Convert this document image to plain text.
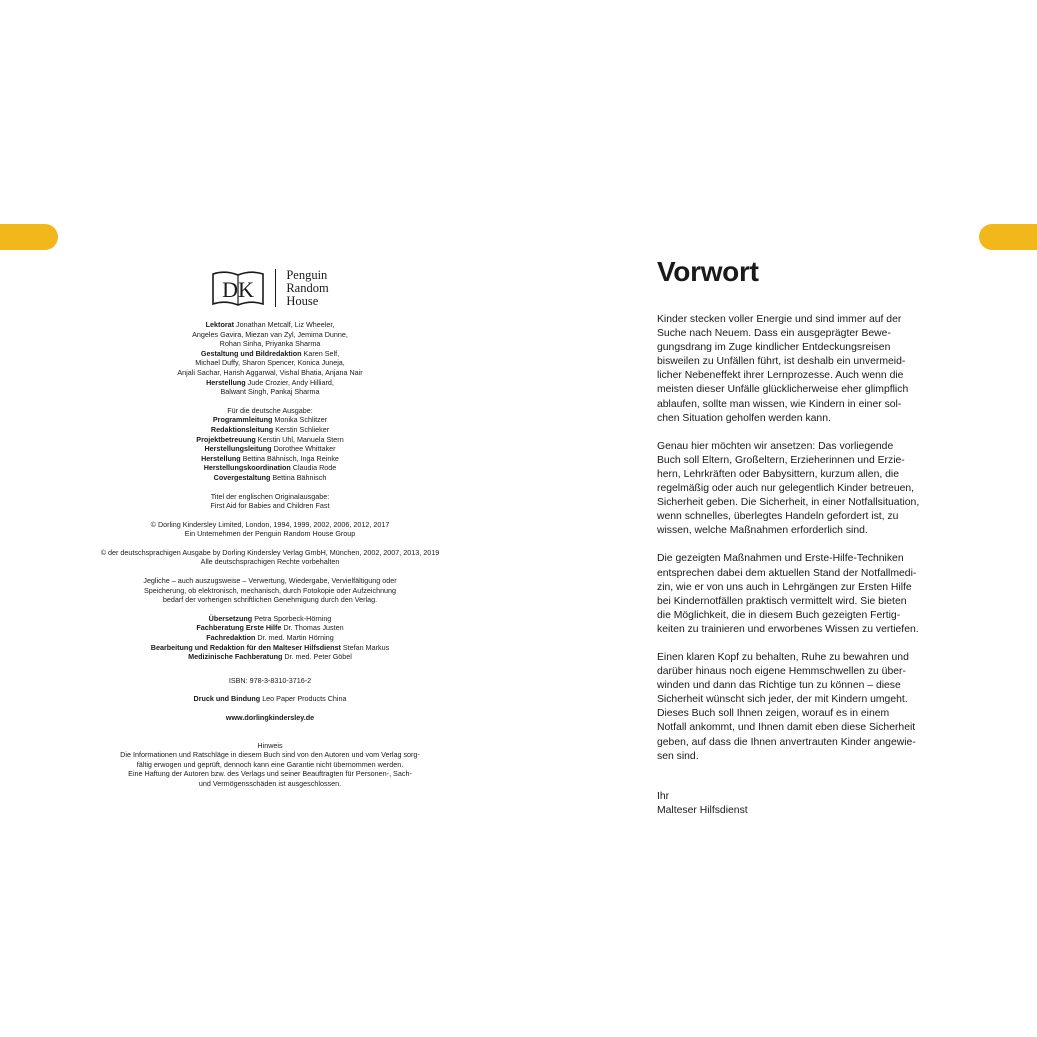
DK
Penguin
Random
House
Lektorat Jonathan Metcalf, Liz Wheeler,
Angeles Gavira, Miezan van Zyl, Jemima Dunne,
Rohan Sinha, Priyanka Sharma
Gestaltung und Bildredaktion Karen Self,
Michael Duffy, Sharon Spencer, Konica Juneja,
Anjali Sachar, Harish Aggarwal, Vishal Bhatia, Anjana Nair
Herstellung Jude Crozier, Andy Hilliard,
Balwant Singh, Pankaj Sharma
Für die deutsche Ausgabe:
Programmleitung Monika Schlitzer
Redaktionsleitung Kerstin Schlieker
Projektbetreuung Kerstin Uhl, Manuela Stern
Herstellungsleitung Dorothee Whittaker
Herstellung Bettina Bähnisch, Inga Reinke
Herstellungskoordination Claudia Rode
Covergestaltung Bettina Bähnisch
Titel der englischen Originalausgabe:
First Aid for Babies and Children Fast
© Dorling Kindersley Limited, London, 1994, 1999, 2002, 2006, 2012, 2017
Ein Unternehmen der Penguin Random House Group
© der deutschsprachigen Ausgabe by Dorling Kindersley Verlag GmbH, München, 2002, 2007, 2013, 2019
Alle deutschsprachigen Rechte vorbehalten
Jegliche – auch auszugsweise – Verwertung, Wiedergabe, Vervielfältigung oder
Speicherung, ob elektronisch, mechanisch, durch Fotokopie oder Aufzeichnung
bedarf der vorherigen schriftlichen Genehmigung durch den Verlag.
Übersetzung Petra Sporbeck-Hörning
Fachberatung Erste Hilfe Dr. Thomas Justen
Fachredaktion Dr. med. Martin Hörning
Bearbeitung und Redaktion für den Malteser Hilfsdienst Stefan Markus
Medizinische Fachberatung Dr. med. Peter Göbel
ISBN: 978-3-8310-3716-2
Druck und Bindung Leo Paper Products China
www.dorlingkindersley.de
Hinweis
Die Informationen und Ratschläge in diesem Buch sind von den Autoren und vom Verlag sorg-
fältig erwogen und geprüft, dennoch kann eine Garantie nicht übernommen werden.
Eine Haftung der Autoren bzw. des Verlags und seiner Beauftragten für Personen-, Sach-
und Vermögensschäden ist ausgeschlossen.
Vorwort

Kinder stecken voller Energie und sind immer auf der
Suche nach Neuem. Dass ein ausgeprägter Bewe-
gungsdrang im Zuge kindlicher Entdeckungsreisen
bisweilen zu Unfällen führt, ist deshalb ein unvermeid-
licher Nebeneffekt ihrer Lernprozesse. Auch wenn die
meisten dieser Unfälle glücklicherweise eher glimpflich
ablaufen, sollte man wissen, wie Kindern in einer sol-
chen Situation geholfen werden kann.

Genau hier möchten wir ansetzen: Das vorliegende
Buch soll Eltern, Großeltern, Erzieherinnen und Erzie-
hern, Lehrkräften oder Babysittern, kurzum allen, die
regelmäßig oder auch nur gelegentlich Kinder betreuen,
Sicherheit geben. Die Sicherheit, in einer Notfallsituation,
wenn schnelles, überlegtes Handeln gefordert ist, zu
wissen, welche Maßnahmen erforderlich sind.

Die gezeigten Maßnahmen und Erste-Hilfe-Techniken
entsprechen dabei dem aktuellen Stand der Notfallmedi-
zin, wie er von uns auch in Lehrgängen zur Ersten Hilfe
bei Kindernotfällen praktisch vermittelt wird. Sie bieten
die Möglichkeit, die in diesem Buch gezeigten Fertig-
keiten zu trainieren und erworbenes Wissen zu vertiefen.

Einen klaren Kopf zu behalten, Ruhe zu bewahren und
darüber hinaus noch eigene Hemmschwellen zu über-
winden und dann das Richtige tun zu können – diese
Sicherheit wünscht sich jeder, der mit Kindern umgeht.
Dieses Buch soll Ihnen zeigen, worauf es in einem
Notfall ankommt, und Ihnen damit eben diese Sicherheit
geben, auf dass die Ihnen anvertrauten Kinder angewie-
sen sind.

Ihr
Malteser Hilfsdienst
